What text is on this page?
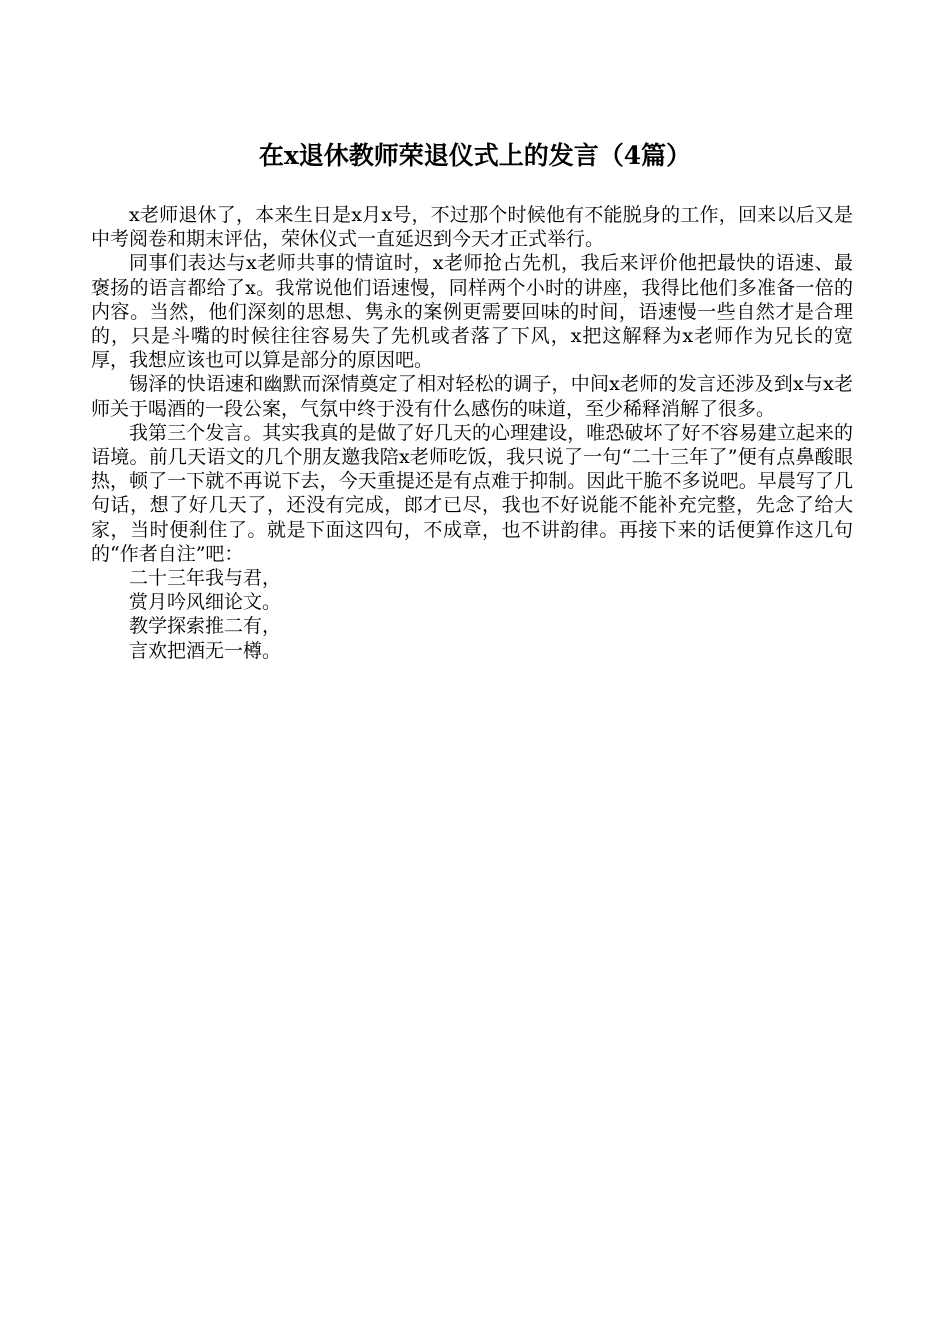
在x退休教师荣退仪式上的发言（4篇）

x老师退休了，本来生日是x月x号，不过那个时候他有不能脱身的工作，回来以后又是中考阅卷和期末评估，荣休仪式一直延迟到今天才正式举行。

同事们表达与x老师共事的情谊时，x老师抢占先机，我后来评价他把最快的语速、最褒扬的语言都给了x。我常说他们语速慢，同样两个小时的讲座，我得比他们多准备一倍的内容。当然，他们深刻的思想、隽永的案例更需要回味的时间，语速慢一些自然才是合理的，只是斗嘴的时候往往容易失了先机或者落了下风，x把这解释为x老师作为兄长的宽厚，我想应该也可以算是部分的原因吧。

锡泽的快语速和幽默而深情奠定了相对轻松的调子，中间x老师的发言还涉及到x与x老师关于喝酒的一段公案，气氛中终于没有什么感伤的味道，至少稀释消解了很多。

我第三个发言。其实我真的是做了好几天的心理建设，唯恐破坏了好不容易建立起来的语境。前几天语文的几个朋友邀我陪x老师吃饭，我只说了一句“二十三年了”便有点鼻酸眼热，顿了一下就不再说下去，今天重提还是有点难于抑制。因此干脆不多说吧。早晨写了几句话，想了好几天了，还没有完成，郎才已尽，我也不好说能不能补充完整，先念了给大家，当时便刹住了。就是下面这四句，不成章，也不讲韵律。再接下来的话便算作这几句的“作者自注”吧：

二十三年我与君，

赏月吟风细论文。

教学探索推二有，

言欢把酒无一樽。
